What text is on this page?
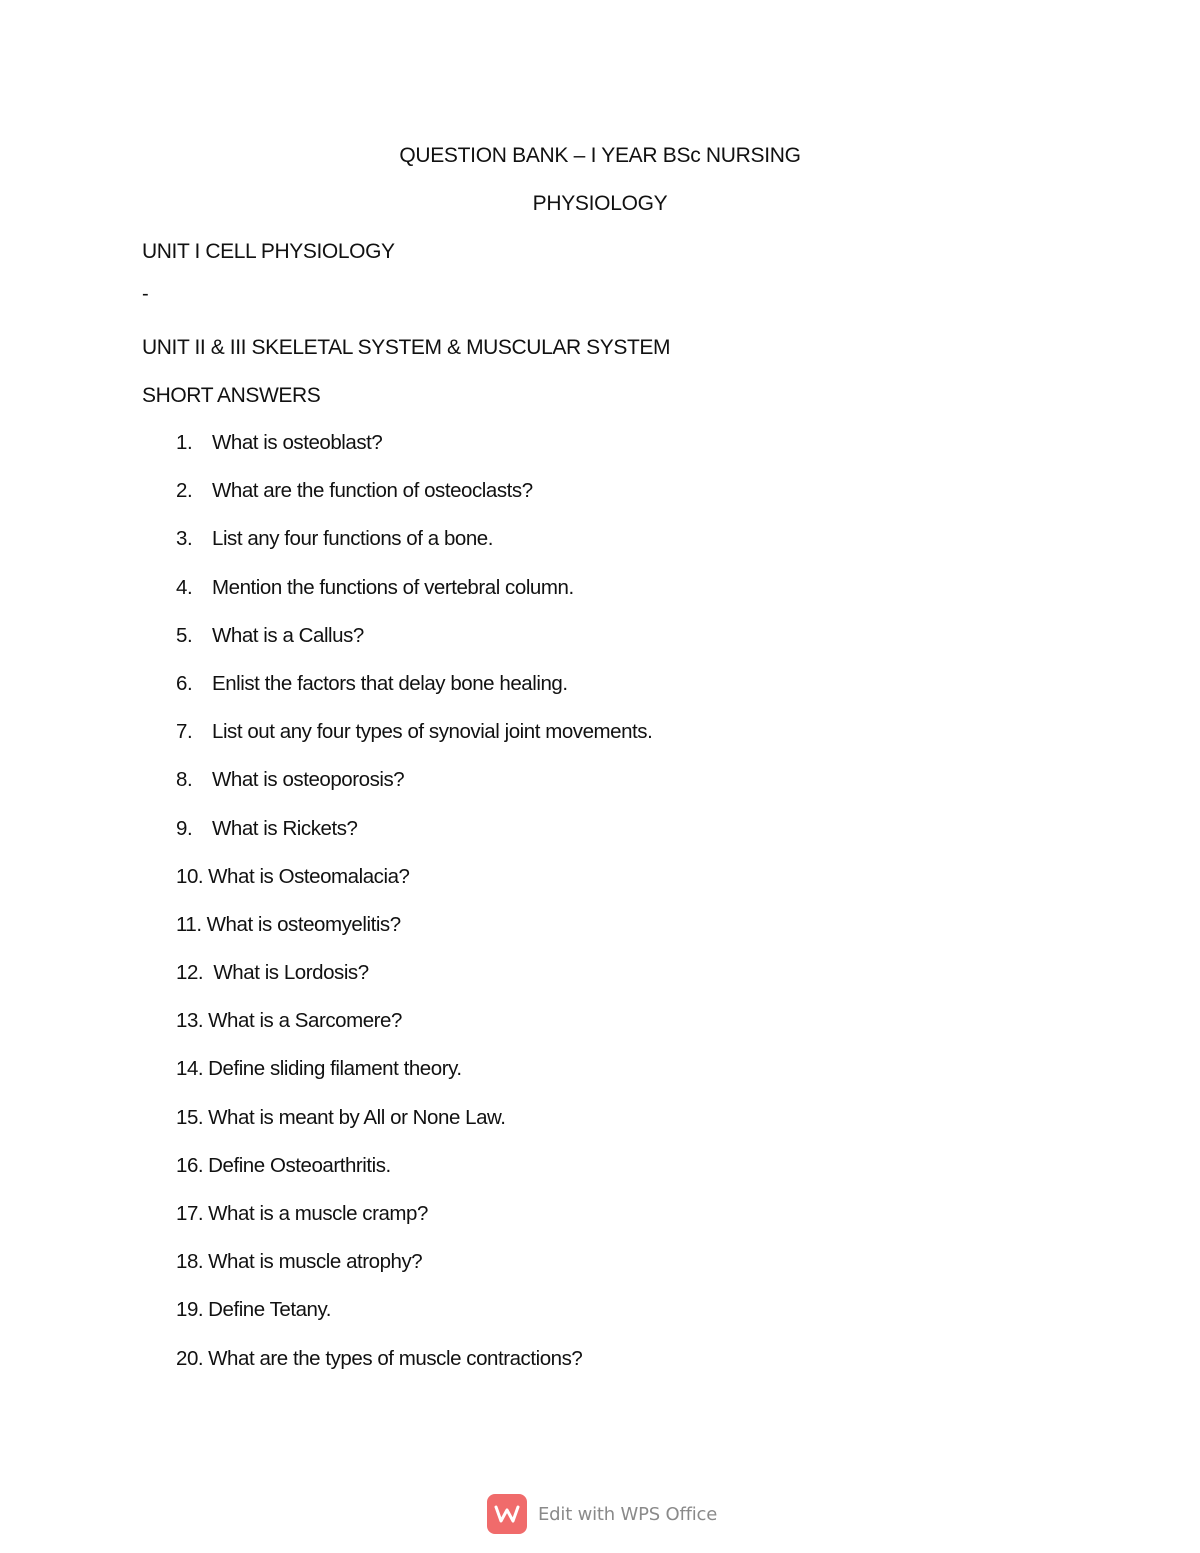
QUESTION BANK – I YEAR BSc NURSING
PHYSIOLOGY
UNIT I CELL PHYSIOLOGY
-
UNIT II & III SKELETAL SYSTEM & MUSCULAR SYSTEM
SHORT ANSWERS
1. What is osteoblast?
2. What are the function of osteoclasts?
3. List any four functions of a bone.
4. Mention the functions of vertebral column.
5. What is a Callus?
6. Enlist the factors that delay bone healing.
7. List out any four types of synovial joint movements.
8. What is osteoporosis?
9. What is Rickets?
10. What is Osteomalacia?
11. What is osteomyelitis?
12. What is Lordosis?
13. What is a Sarcomere?
14. Define sliding filament theory.
15. What is meant by All or None Law.
16. Define Osteoarthritis.
17. What is a muscle cramp?
18. What is muscle atrophy?
19. Define Tetany.
20. What are the types of muscle contractions?
Edit with WPS Office
